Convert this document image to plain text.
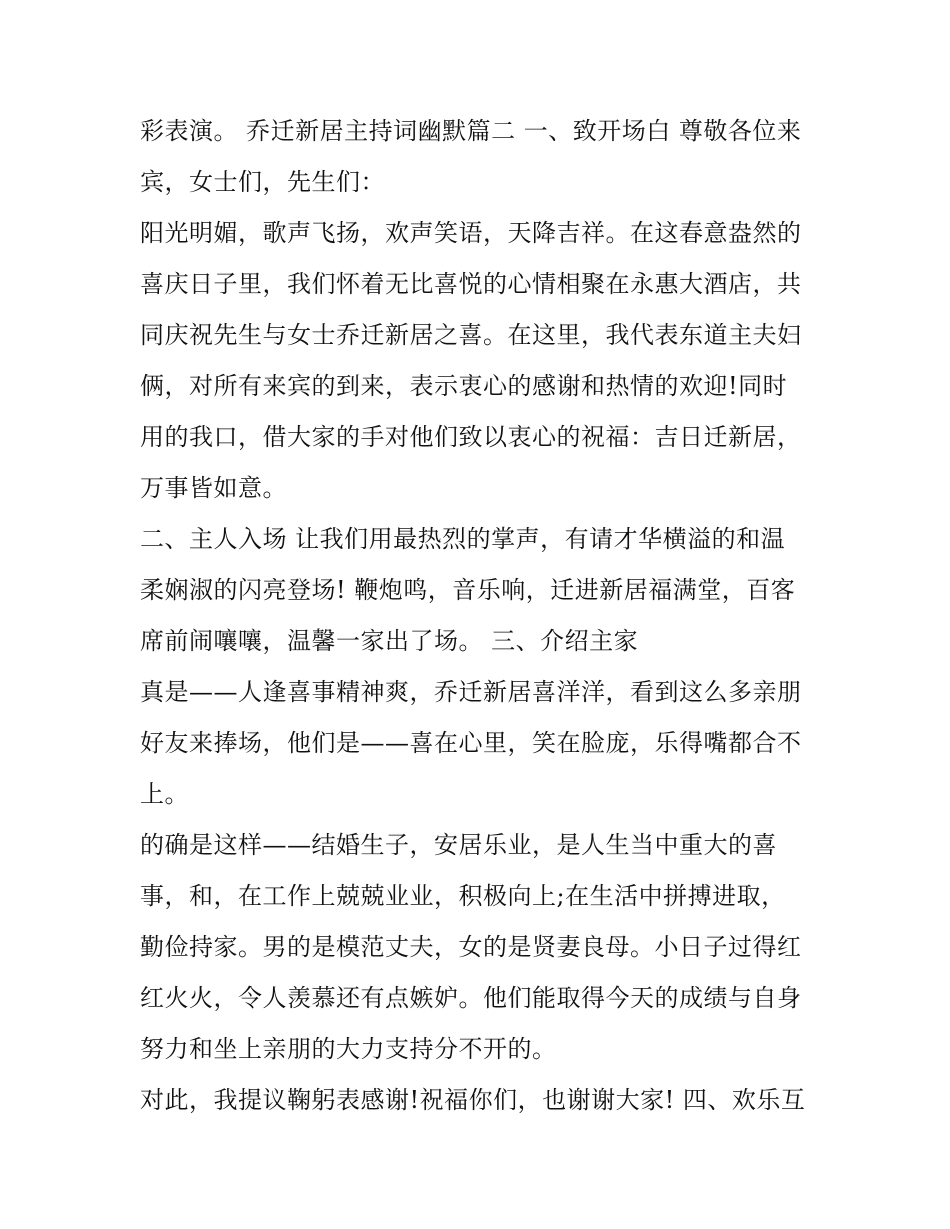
彩表演。 乔迁新居主持词幽默篇二 一、致开场白 尊敬各位来
宾，女士们，先生们：
阳光明媚，歌声飞扬，欢声笑语，天降吉祥。在这春意盎然的
喜庆日子里，我们怀着无比喜悦的心情相聚在永惠大酒店，共
同庆祝先生与女士乔迁新居之喜。在这里，我代表东道主夫妇
俩，对所有来宾的到来，表示衷心的感谢和热情的欢迎!同时
用的我口，借大家的手对他们致以衷心的祝福：吉日迁新居，
万事皆如意。
二、主人入场 让我们用最热烈的掌声，有请才华横溢的和温
柔娴淑的闪亮登场! 鞭炮鸣，音乐响，迁进新居福满堂，百客
席前闹嚷嚷，温馨一家出了场。 三、介绍主家
真是——人逢喜事精神爽，乔迁新居喜洋洋，看到这么多亲朋
好友来捧场，他们是——喜在心里，笑在脸庞，乐得嘴都合不
上。
的确是这样——结婚生子，安居乐业，是人生当中重大的喜
事，和，在工作上兢兢业业，积极向上;在生活中拼搏进取，
勤俭持家。男的是模范丈夫，女的是贤妻良母。小日子过得红
红火火，令人羡慕还有点嫉妒。他们能取得今天的成绩与自身
努力和坐上亲朋的大力支持分不开的。
对此，我提议鞠躬表感谢!祝福你们，也谢谢大家! 四、欢乐互
